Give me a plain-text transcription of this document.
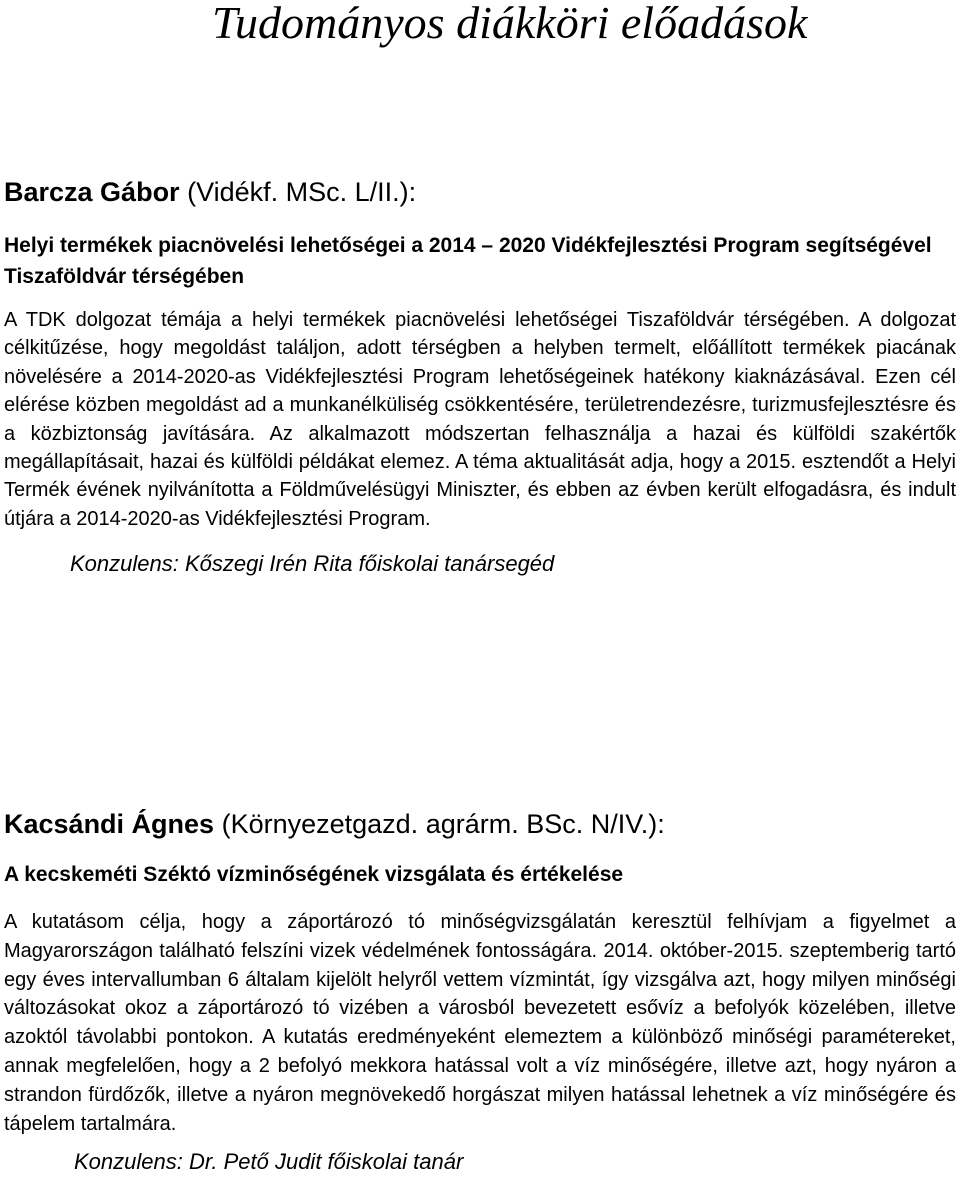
Tudományos diákköri előadások
Barcza Gábor (Vidékf. MSc. L/II.):
Helyi termékek piacnövelési lehetőségei a 2014 – 2020 Vidékfejlesztési Program segítségével Tiszaföldvár térségében

A TDK dolgozat témája a helyi termékek piacnövelési lehetőségei Tiszaföldvár térségében. A dolgozat célkitűzése, hogy megoldást találjon, adott térségben a helyben termelt, előállított termékek piacának növelésére a 2014-2020-as Vidékfejlesztési Program lehetőségeinek hatékony kiaknázásával. Ezen cél elérése közben megoldást ad a munkanélküliség csökkentésére, területrendezésre, turizmusfejlesztésre és a közbiztonság javítására. Az alkalmazott módszertan felhasználja a hazai és külföldi szakértők megállapításait, hazai és külföldi példákat elemez. A téma aktualitását adja, hogy a 2015. esztendőt a Helyi Termék évének nyilvánította a Földművelésügyi Miniszter, és ebben az évben került elfogadásra, és indult útjára a 2014-2020-as Vidékfejlesztési Program.

Konzulens: Kőszegi Irén Rita főiskolai tanársegéd
Kacsándi Ágnes (Környezetgazd. agrárm. BSc. N/IV.):
A kecskeméti Széktó vízminőségének vizsgálata és értékelése

A kutatásom célja, hogy a záportározó tó minőségvizsgálatán keresztül felhívjam a figyelmet a Magyarországon található felszíni vizek védelmének fontosságára. 2014. október-2015. szeptemberig tartó egy éves intervallumban 6 általam kijelölt helyről vettem vízmintát, így vizsgálva azt, hogy milyen minőségi változásokat okoz a záportározó tó vizében a városból bevezetett esővíz a befolyók közelében, illetve azoktól távolabbi pontokon. A kutatás eredményeként elemeztem a különböző minőségi paramétereket, annak megfelelően, hogy a 2 befolyó mekkora hatással volt a víz minőségére, illetve azt, hogy nyáron a strandon fürdőzők, illetve a nyáron megnövekedő horgászat milyen hatással lehetnek a víz minőségére és tápelem tartalmára.

Konzulens: Dr. Pető Judit főiskolai tanár
